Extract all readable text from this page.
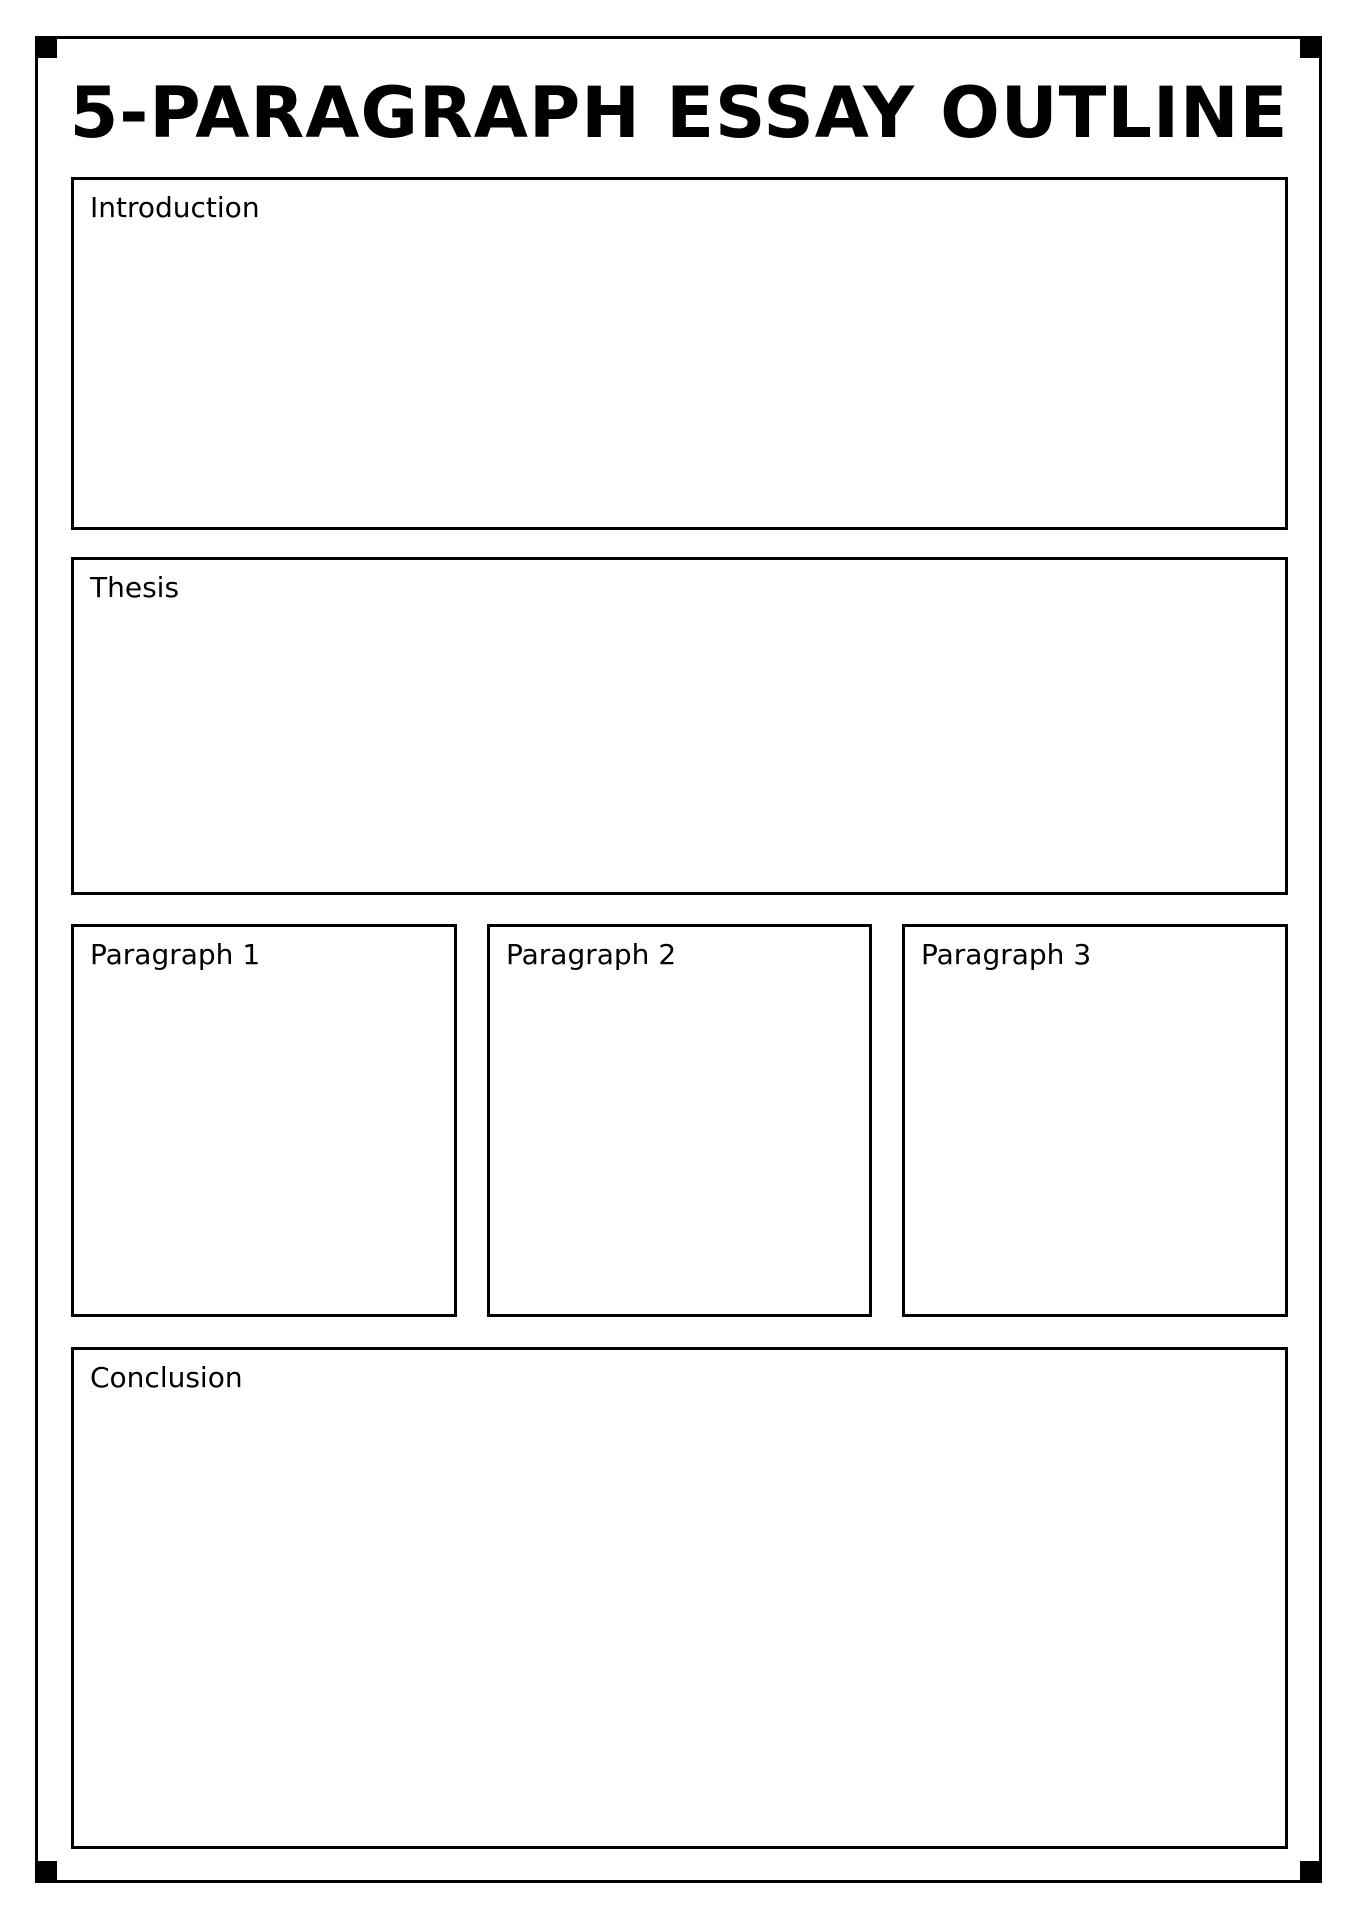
5-PARAGRAPH ESSAY OUTLINE
Introduction
Thesis
Paragraph 1	Paragraph 2	Paragraph 3
Conclusion
